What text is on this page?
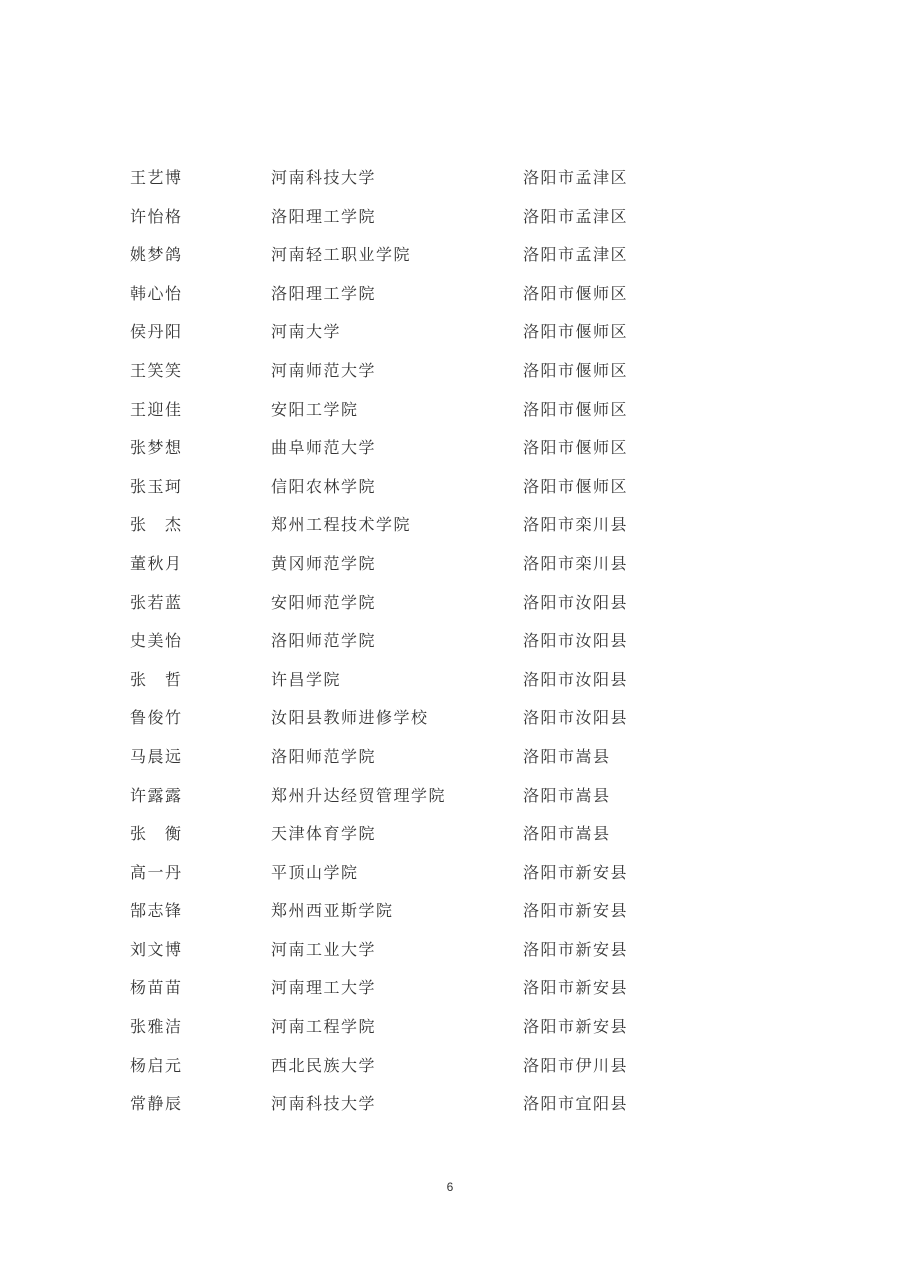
王艺博	河南科技大学	洛阳市孟津区
许怡格	洛阳理工学院	洛阳市孟津区
姚梦鸽	河南轻工职业学院	洛阳市孟津区
韩心怡	洛阳理工学院	洛阳市偃师区
侯丹阳	河南大学	洛阳市偃师区
王笑笑	河南师范大学	洛阳市偃师区
王迎佳	安阳工学院	洛阳市偃师区
张梦想	曲阜师范大学	洛阳市偃师区
张玉珂	信阳农林学院	洛阳市偃师区
张　杰	郑州工程技术学院	洛阳市栾川县
董秋月	黄冈师范学院	洛阳市栾川县
张若蓝	安阳师范学院	洛阳市汝阳县
史美怡	洛阳师范学院	洛阳市汝阳县
张　哲	许昌学院	洛阳市汝阳县
鲁俊竹	汝阳县教师进修学校	洛阳市汝阳县
马晨远	洛阳师范学院	洛阳市嵩县
许露露	郑州升达经贸管理学院	洛阳市嵩县
张　衡	天津体育学院	洛阳市嵩县
高一丹	平顶山学院	洛阳市新安县
郜志锋	郑州西亚斯学院	洛阳市新安县
刘文博	河南工业大学	洛阳市新安县
杨苗苗	河南理工大学	洛阳市新安县
张雅洁	河南工程学院	洛阳市新安县
杨启元	西北民族大学	洛阳市伊川县
常静辰	河南科技大学	洛阳市宜阳县
6
